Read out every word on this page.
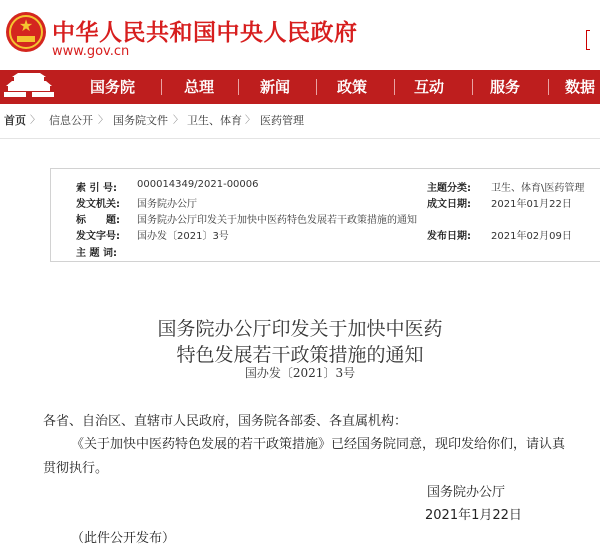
★ 中华人民共和国中央人民政府
www.gov.cn
国务院	总理	新闻	政策	互动	服务	数据
首页 〉 信息公开 〉 国务院文件 〉 卫生、体育 〉 医药管理
索 引 号: 000014349/2021-00006
发文机关: 国务院办公厅
标　　题: 国务院办公厅印发关于加快中医药特色发展若干政策措施的通知
发文字号: 国办发〔2021〕3号
主 题 词:
主题分类: 卫生、体育\医药管理
成文日期: 2021年01月22日
发布日期: 2021年02月09日
国务院办公厅印发关于加快中医药
特色发展若干政策措施的通知
国办发〔2021〕3号
各省、自治区、直辖市人民政府，国务院各部委、各直属机构：
《关于加快中医药特色发展的若干政策措施》已经国务院同意，现印发给你们，请认真
贯彻执行。
国务院办公厅
2021年1月22日
（此件公开发布）
